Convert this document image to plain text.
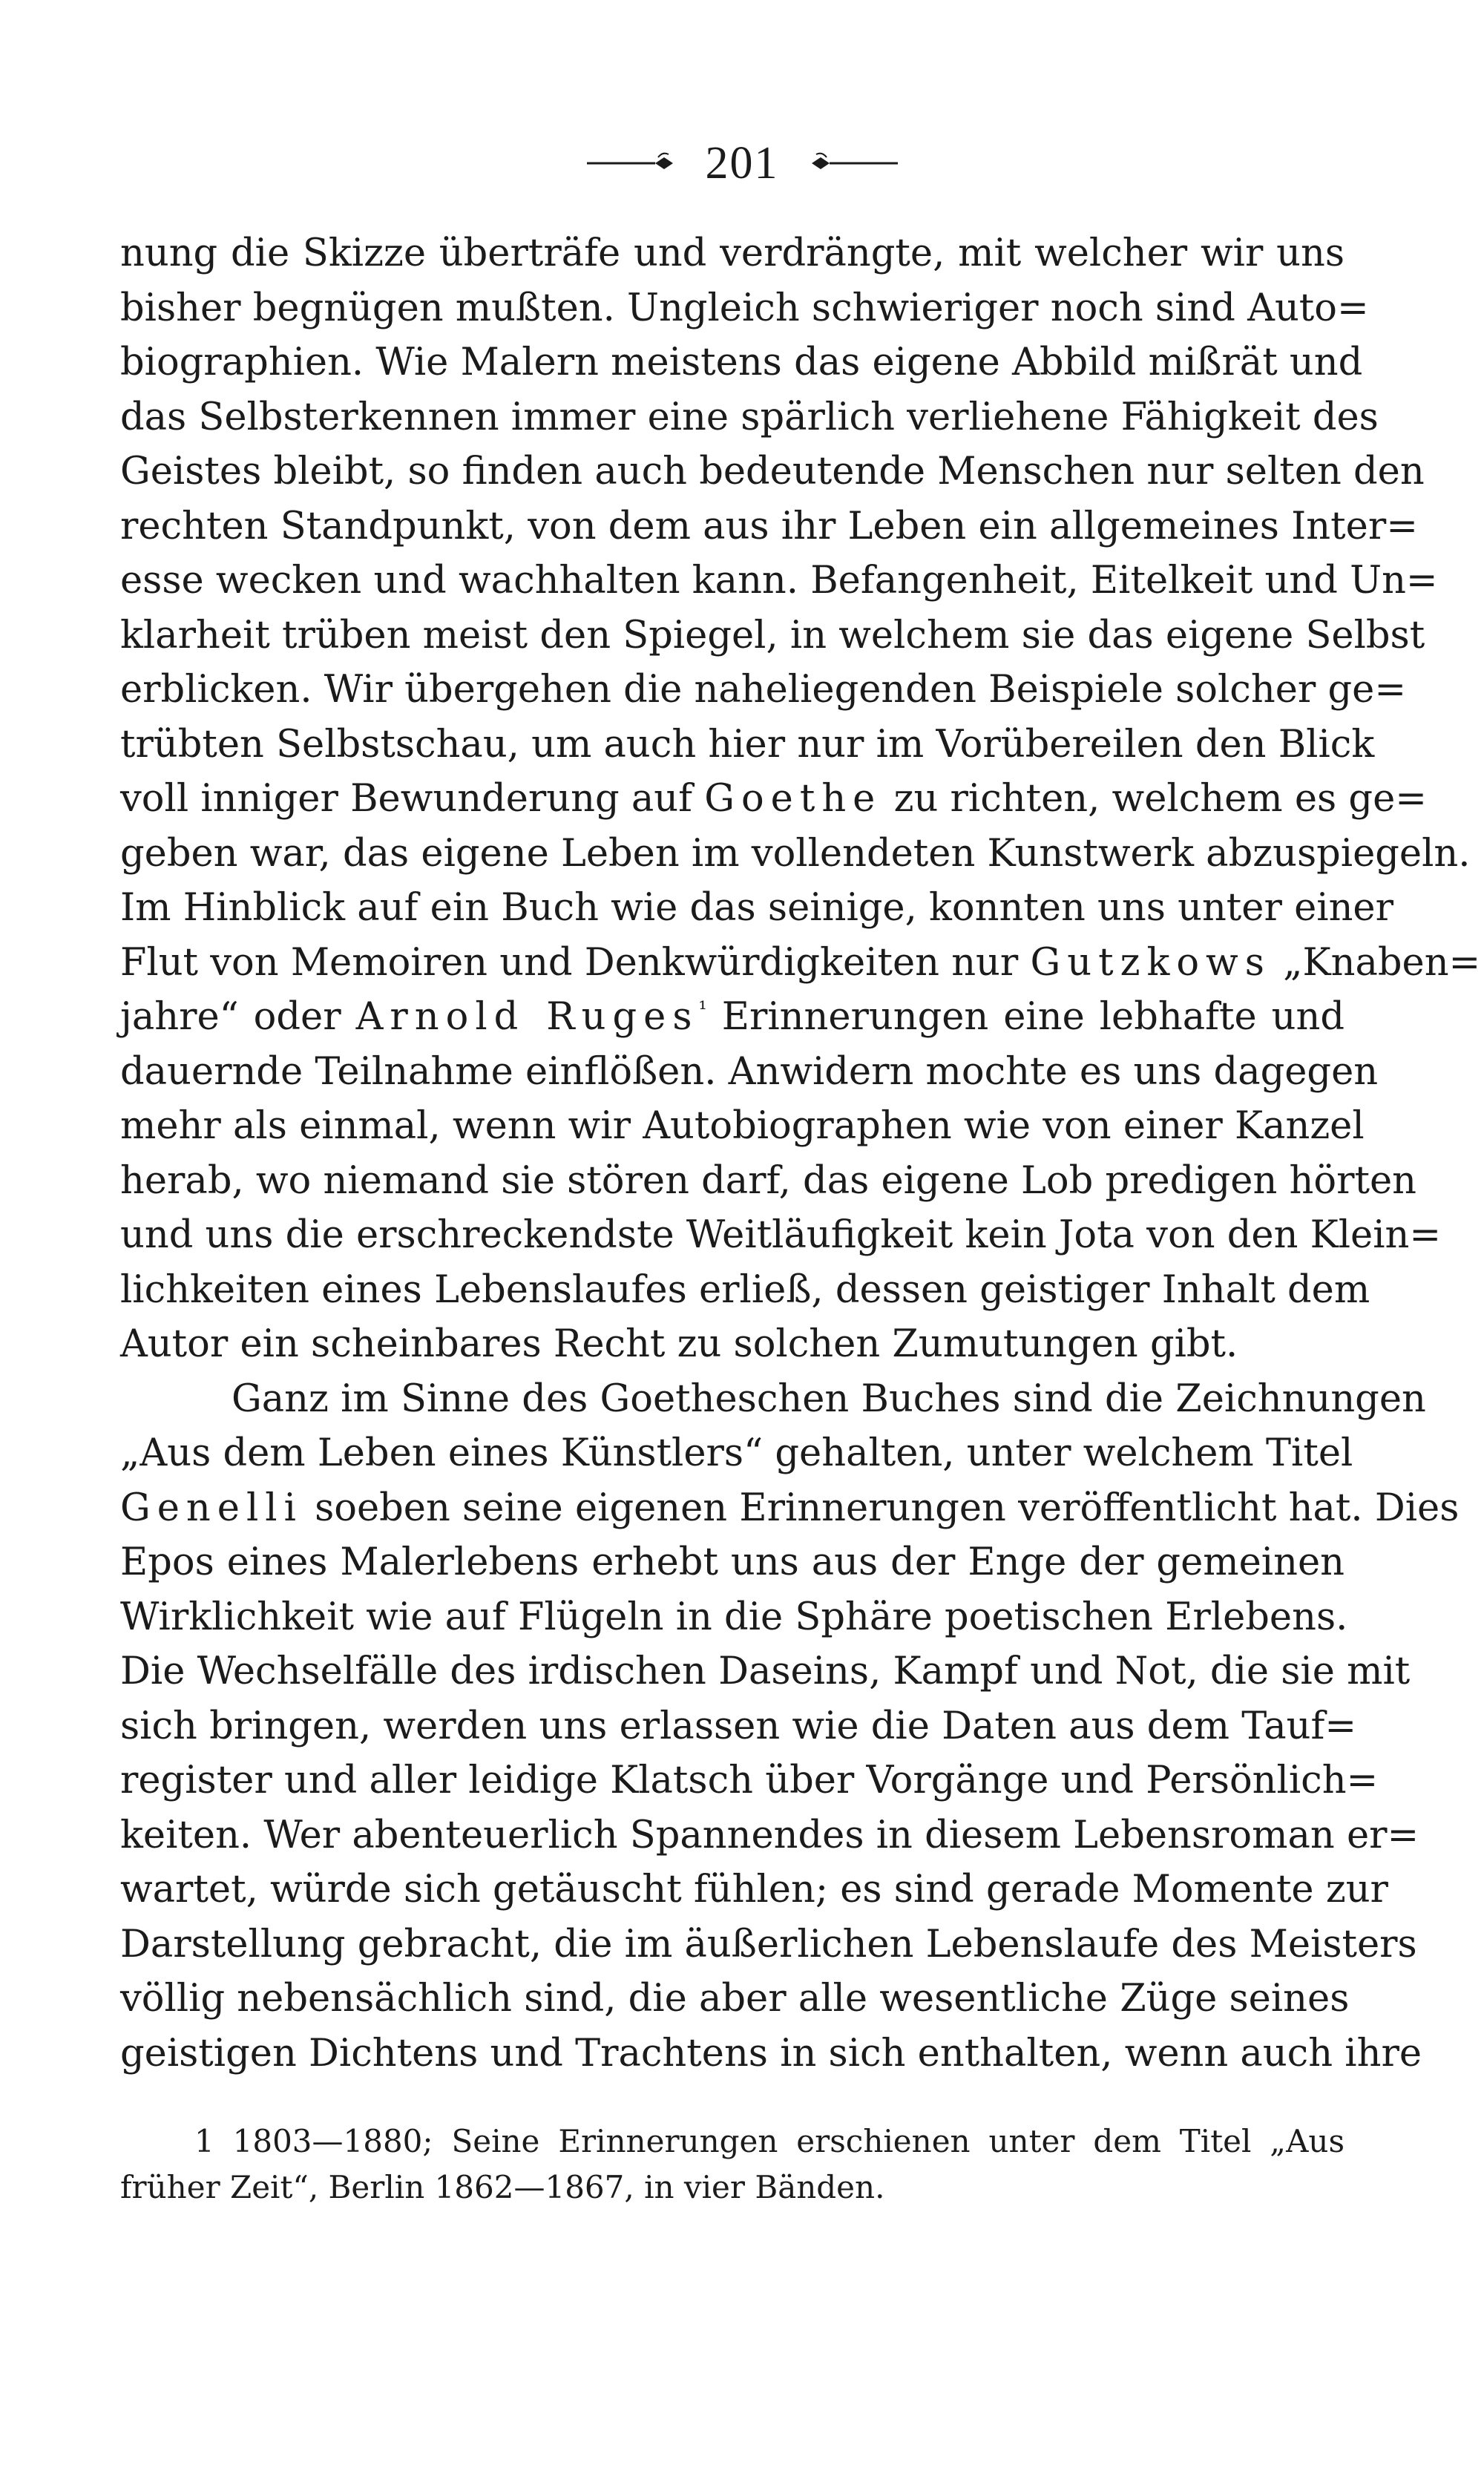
201
nung die Skizze überträfe und verdrängte, mit welcher wir uns
bisher begnügen mußten. Ungleich schwieriger noch sind Auto=
biographien. Wie Malern meistens das eigene Abbild mißrät und
das Selbsterkennen immer eine spärlich verliehene Fähigkeit des
Geistes bleibt, so finden auch bedeutende Menschen nur selten den
rechten Standpunkt, von dem aus ihr Leben ein allgemeines Inter=
esse wecken und wachhalten kann. Befangenheit, Eitelkeit und Un=
klarheit trüben meist den Spiegel, in welchem sie das eigene Selbst
erblicken. Wir übergehen die naheliegenden Beispiele solcher ge=
trübten Selbstschau, um auch hier nur im Vorübereilen den Blick
voll inniger Bewunderung auf Goethe zu richten, welchem es ge=
geben war, das eigene Leben im vollendeten Kunstwerk abzuspiegeln.
Im Hinblick auf ein Buch wie das seinige, konnten uns unter einer
Flut von Memoiren und Denkwürdigkeiten nur Gutzkows „Knaben=
jahre“ oder Arnold Ruges$^{^1}$ Erinnerungen eine lebhafte und
dauernde Teilnahme einflößen. Anwidern mochte es uns dagegen
mehr als einmal, wenn wir Autobiographen wie von einer Kanzel
herab, wo niemand sie stören darf, das eigene Lob predigen hörten
und uns die erschreckendste Weitläufigkeit kein Jota von den Klein=
lichkeiten eines Lebenslaufes erließ, dessen geistiger Inhalt dem
Autor ein scheinbares Recht zu solchen Zumutungen gibt.
Ganz im Sinne des Goetheschen Buches sind die Zeichnungen
„Aus dem Leben eines Künstlers“ gehalten, unter welchem Titel
Genelli soeben seine eigenen Erinnerungen veröffentlicht hat. Dies
Epos eines Malerlebens erhebt uns aus der Enge der gemeinen
Wirklichkeit wie auf Flügeln in die Sphäre poetischen Erlebens.
Die Wechselfälle des irdischen Daseins, Kampf und Not, die sie mit
sich bringen, werden uns erlassen wie die Daten aus dem Tauf=
register und aller leidige Klatsch über Vorgänge und Persönlich=
keiten. Wer abenteuerlich Spannendes in diesem Lebensroman er=
wartet, würde sich getäuscht fühlen; es sind gerade Momente zur
Darstellung gebracht, die im äußerlichen Lebenslaufe des Meisters
völlig nebensächlich sind, die aber alle wesentliche Züge seines
geistigen Dichtens und Trachtens in sich enthalten, wenn auch ihre
1 1803—1880; Seine Erinnerungen erschienen unter dem Titel „Aus
früher Zeit“, Berlin 1862—1867, in vier Bänden.
